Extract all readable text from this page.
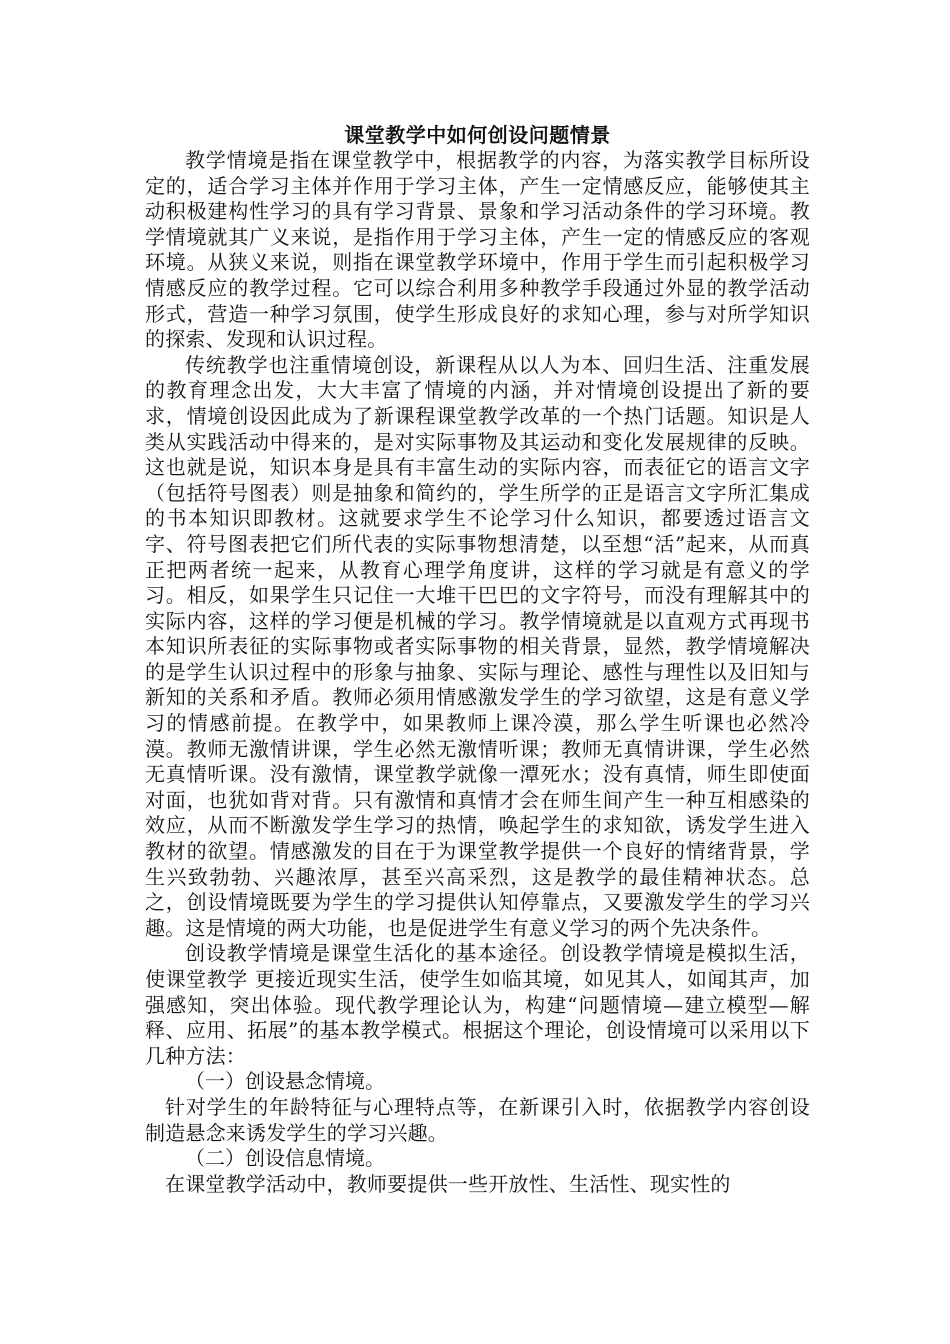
课堂教学中如何创设问题情景

教学情境是指在课堂教学中，根据教学的内容，为落实教学目标所设定的，适合学习主体并作用于学习主体，产生一定情感反应，能够使其主动积极建构性学习的具有学习背景、景象和学习活动条件的学习环境。教学情境就其广义来说，是指作用于学习主体，产生一定的情感反应的客观环境。从狭义来说，则指在课堂教学环境中，作用于学生而引起积极学习情感反应的教学过程。它可以综合利用多种教学手段通过外显的教学活动形式，营造一种学习氛围，使学生形成良好的求知心理，参与对所学知识的探索、发现和认识过程。

传统教学也注重情境创设，新课程从以人为本、回归生活、注重发展的教育理念出发，大大丰富了情境的内涵，并对情境创设提出了新的要求，情境创设因此成为了新课程课堂教学改革的一个热门话题。知识是人类从实践活动中得来的，是对实际事物及其运动和变化发展规律的反映。这也就是说，知识本身是具有丰富生动的实际内容，而表征它的语言文字（包括符号图表）则是抽象和简约的，学生所学的正是语言文字所汇集成的书本知识即教材。这就要求学生不论学习什么知识，都要透过语言文字、符号图表把它们所代表的实际事物想清楚，以至想“活”起来，从而真正把两者统一起来，从教育心理学角度讲，这样的学习就是有意义的学习。相反，如果学生只记住一大堆干巴巴的文字符号，而没有理解其中的实际内容，这样的学习便是机械的学习。教学情境就是以直观方式再现书本知识所表征的实际事物或者实际事物的相关背景，显然，教学情境解决的是学生认识过程中的形象与抽象、实际与理论、感性与理性以及旧知与新知的关系和矛盾。教师必须用情感激发学生的学习欲望，这是有意义学习的情感前提。在教学中，如果教师上课冷漠，那么学生听课也必然冷漠。教师无激情讲课，学生必然无激情听课；教师无真情讲课，学生必然无真情听课。没有激情，课堂教学就像一潭死水；没有真情，师生即使面对面，也犹如背对背。只有激情和真情才会在师生间产生一种互相感染的效应，从而不断激发学生学习的热情，唤起学生的求知欲，诱发学生进入教材的欲望。情感激发的目在于为课堂教学提供一个良好的情绪背景，学生兴致勃勃、兴趣浓厚，甚至兴高采烈，这是教学的最佳精神状态。总之，创设情境既要为学生的学习提供认知停靠点，又要激发学生的学习兴趣。这是情境的两大功能，也是促进学生有意义学习的两个先决条件。

创设教学情境是课堂生活化的基本途径。创设教学情境是模拟生活，使课堂教学 更接近现实生活，使学生如临其境，如见其人，如闻其声，加强感知，突出体验。现代教学理论认为，构建“问题情境—建立模型—解释、应用、拓展”的基本教学模式。根据这个理论，创设情境可以采用以下几种方法：

（一）创设悬念情境。

针对学生的年龄特征与心理特点等，在新课引入时，依据教学内容创设制造悬念来诱发学生的学习兴趣。

（二）创设信息情境。

在课堂教学活动中，教师要提供一些开放性、生活性、现实性的
